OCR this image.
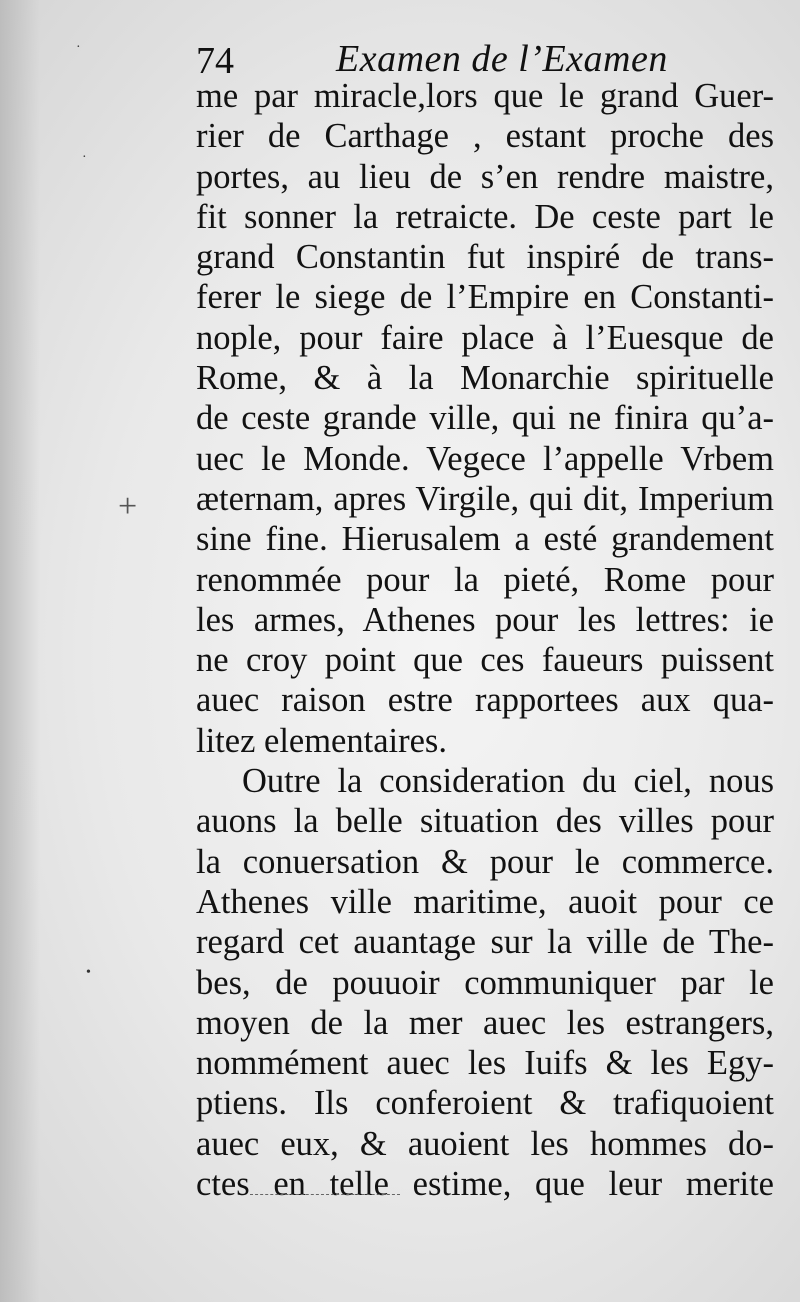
·
·
•
+
74	Examen de l’Examen
me par miracle,lors que le grand Guer-
rier de Carthage , estant proche des
portes, au lieu de s’en rendre maistre,
fit sonner la retraicte. De ceste part le
grand Constantin fut inspiré de trans-
ferer le siege de l’Empire en Constanti-
nople, pour faire place à l’Euesque de
Rome, & à la Monarchie spirituelle
de ceste grande ville, qui ne finira qu’a-
uec le Monde. Vegece l’appelle Vrbem
æternam, apres Virgile, qui dit, Imperium
sine fine. Hierusalem a esté grandement
renommée pour la pieté, Rome pour
les armes, Athenes pour les lettres: ie
ne croy point que ces faueurs puissent
auec raison estre rapportees aux qua-
litez elementaires.
Outre la consideration du ciel, nous
auons la belle situation des villes pour
la conuersation & pour le commerce.
Athenes ville maritime, auoit pour ce
regard cet auantage sur la ville de The-
bes, de pouuoir communiquer par le
moyen de la mer auec les estrangers,
nommément auec les Iuifs & les Egy-
ptiens. Ils conferoient & trafiquoient
auec eux, & auoient les hommes do-
ctes en telle estime, que leur merite
